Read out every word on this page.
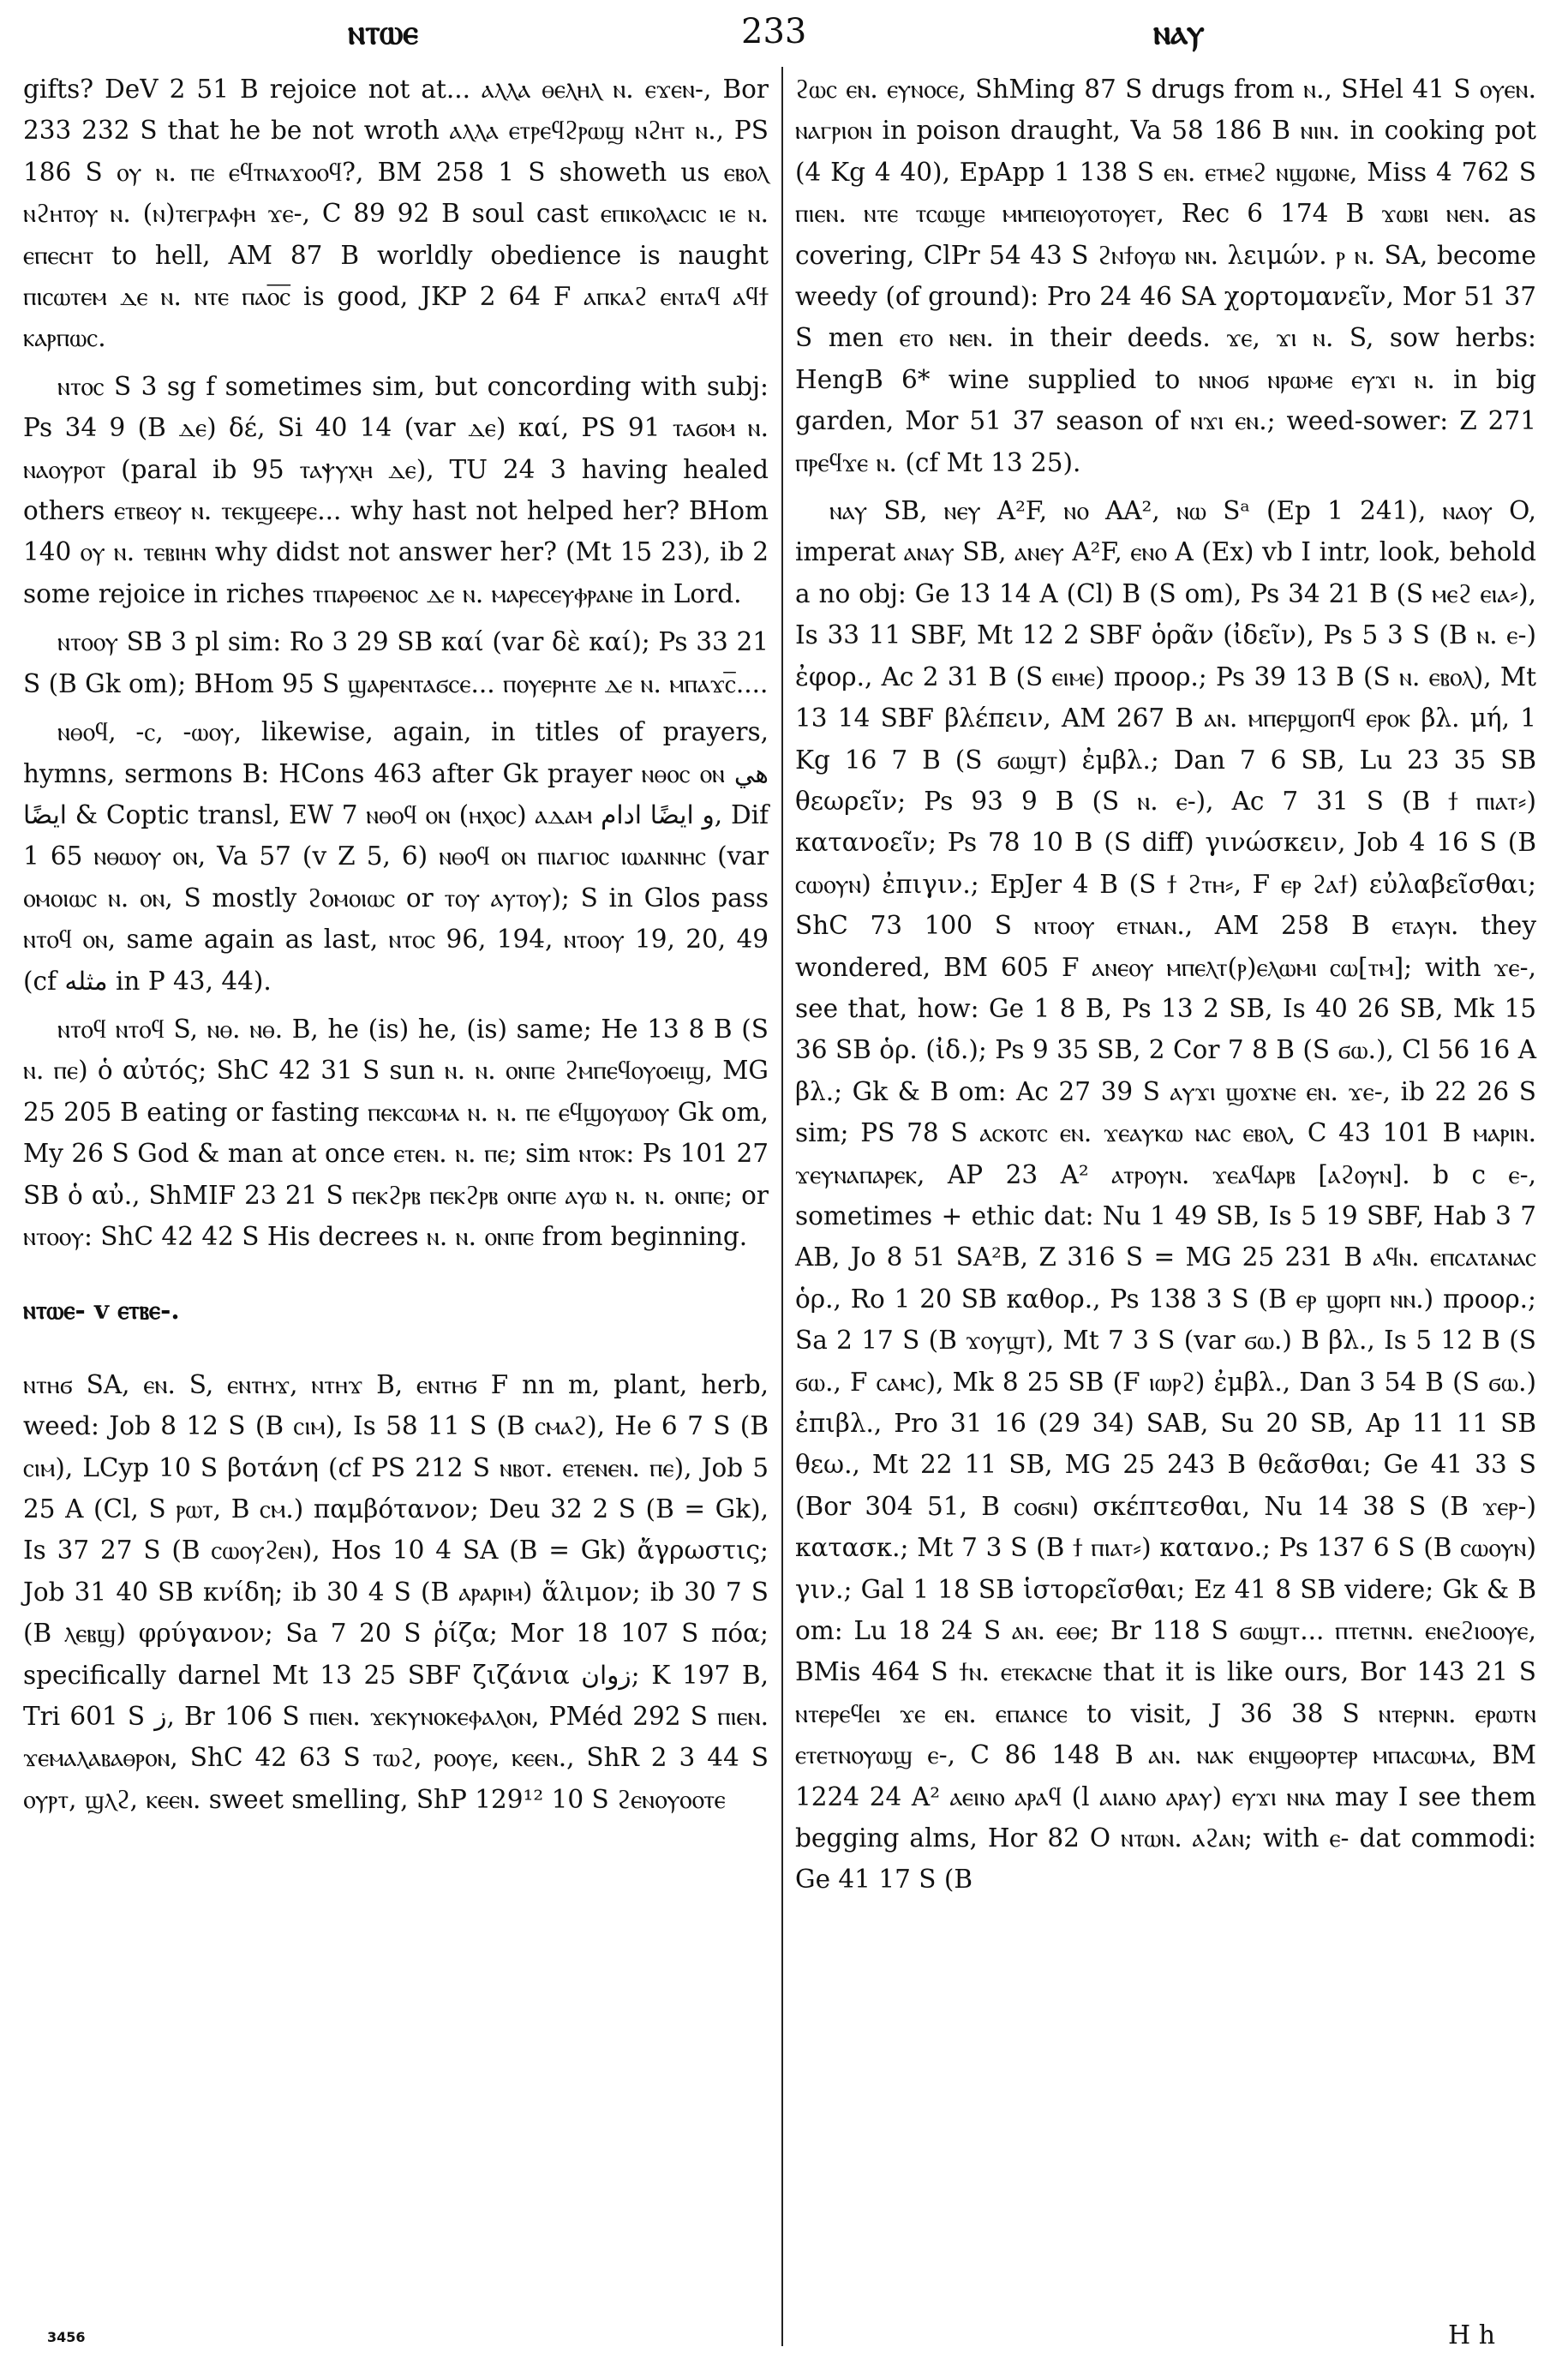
ⲛⲧⲱⲉ	233	ⲛⲁⲩ

gifts? DeV 2 51 B rejoice not at... ⲁⲗⲗⲁ ⲑⲉⲗⲏⲗ ⲛ. ⲉϫⲉⲛ-, Bor 233 232 S that he be not wroth ⲁⲗⲗⲁ ⲉⲧⲣⲉϥϩⲣⲱϣ ⲛϩⲏⲧ ⲛ., PS 186 S ⲟⲩ ⲛ. ⲡⲉ ⲉϥⲧⲛⲁϫⲟⲟϥ?, BM 258 1 S showeth us ⲉⲃⲟⲗ ⲛϩⲏⲧⲟⲩ ⲛ. (ⲛ)ⲧⲉⲅⲣⲁⲫⲏ ϫⲉ-, C 89 92 B soul cast ⲉⲡⲓⲕⲟⲗⲁⲥⲓⲥ ⲓⲉ ⲛ. ⲉⲡⲉⲥⲏⲧ to hell, AM 87 B worldly obedience is naught ⲡⲓⲥⲱⲧⲉⲙ ⲇⲉ ⲛ. ⲛⲧⲉ ⲡⲁⲟ̅ⲥ̅ is good, JKP 2 64 F ⲁⲡⲕⲁϩ ⲉⲛⲧⲁϥ ⲁϥϯ ⲕⲁⲣⲡⲱⲥ.

ⲛⲧⲟⲥ S 3 sg f sometimes sim, but concording with subj: Ps 34 9 (B ⲇⲉ) δέ, Si 40 14 (var ⲇⲉ) καί, PS 91 ⲧⲁϭⲟⲙ ⲛ. ⲛⲁⲟⲩⲣⲟⲧ (paral ib 95 ⲧⲁⲯⲩⲭⲏ ⲇⲉ), TU 24 3 having healed others ⲉⲧⲃⲉⲟⲩ ⲛ. ⲧⲉⲕϣⲉⲉⲣⲉ... why hast not helped her? BHom 140 ⲟⲩ ⲛ. ⲧⲉⲃⲓⲏⲛ why didst not answer her? (Mt 15 23), ib 2 some rejoice in riches ⲧⲡⲁⲣⲑⲉⲛⲟⲥ ⲇⲉ ⲛ. ⲙⲁⲣⲉⲥⲉⲩⲫⲣⲁⲛⲉ in Lord.

ⲛⲧⲟⲟⲩ SB 3 pl sim: Ro 3 29 SB καί (var δὲ καί); Ps 33 21 S (B Gk om); BHom 95 S ϣⲁⲣⲉⲛⲧⲁϭⲥⲉ... ⲡⲟⲩⲉⲣⲏⲧⲉ ⲇⲉ ⲛ. ⲙⲡⲁϫⲥ̅....

ⲛⲑⲟϥ, -ⲥ, -ⲱⲟⲩ, likewise, again, in titles of prayers, hymns, sermons B: HCons 463 after Gk prayer ⲛⲑⲟⲥ ⲟⲛ هي ايضًا & Coptic transl, EW 7 ⲛⲑⲟϥ ⲟⲛ (ⲏⲭⲟⲥ) ⲁⲇⲁⲙ و ايضًا ادام, Dif 1 65 ⲛⲑⲱⲟⲩ ⲟⲛ, Va 57 (v Z 5, 6) ⲛⲑⲟϥ ⲟⲛ ⲡⲓⲁⲅⲓⲟⲥ ⲓⲱⲁⲛⲛⲏⲥ (var ⲟⲙⲟⲓⲱⲥ ⲛ. ⲟⲛ, S mostly ϩⲟⲙⲟⲓⲱⲥ or ⲧⲟⲩ ⲁⲩⲧⲟⲩ); S in Glos pass ⲛⲧⲟϥ ⲟⲛ, same again as last, ⲛⲧⲟⲥ 96, 194, ⲛⲧⲟⲟⲩ 19, 20, 49 (cf مثله in P 43, 44).

ⲛⲧⲟϥ ⲛⲧⲟϥ S, ⲛⲑ. ⲛⲑ. B, he (is) he, (is) same; He 13 8 B (S ⲛ. ⲡⲉ) ὁ αὐτός; ShC 42 31 S sun ⲛ. ⲛ. ⲟⲛⲡⲉ ϩⲙⲡⲉϥⲟⲩⲟⲉⲓϣ, MG 25 205 B eating or fasting ⲡⲉⲕⲥⲱⲙⲁ ⲛ. ⲛ. ⲡⲉ ⲉϥϣⲟⲩⲱⲟⲩ Gk om, My 26 S God & man at once ⲉⲧⲉⲛ. ⲛ. ⲡⲉ; sim ⲛⲧⲟⲕ: Ps 101 27 SB ὁ αὐ., ShMIF 23 21 S ⲡⲉⲕϩⲣⲃ ⲡⲉⲕϩⲣⲃ ⲟⲛⲡⲉ ⲁⲩⲱ ⲛ. ⲛ. ⲟⲛⲡⲉ; or ⲛⲧⲟⲟⲩ: ShC 42 42 S His decrees ⲛ. ⲛ. ⲟⲛⲡⲉ from beginning.

ⲛⲧⲱⲉ- v ⲉⲧⲃⲉ-.

ⲛⲧⲏϭ SA, ⲉⲛ. S, ⲉⲛⲧⲏϫ, ⲛⲧⲏϫ B, ⲉⲛⲧⲏϭ F nn m, plant, herb, weed: Job 8 12 S (B ⲥⲓⲙ), Is 58 11 S (B ⲥⲙⲁϩ), He 6 7 S (B ⲥⲓⲙ), LCyp 10 S βοτάνη (cf PS 212 S ⲛⲃⲟⲧ. ⲉⲧⲉⲛⲉⲛ. ⲡⲉ), Job 5 25 A (Cl, S ⲣⲱⲧ, B ⲥⲙ.) παμβότανον; Deu 32 2 S (B = Gk), Is 37 27 S (B ⲥⲱⲟⲩϩⲉⲛ), Hos 10 4 SA (B = Gk) ἄγρωστις; Job 31 40 SB κνίδη; ib 30 4 S (B ⲁⲣⲁⲣⲓⲙ) ἅλιμον; ib 30 7 S (B ⲗⲉⲃϣ) φρύγανον; Sa 7 20 S ῥίζα; Mor 18 107 S πόα; specifically darnel Mt 13 25 SBF ζιζάνια زوان; K 197 B, Tri 601 S ز, Br 106 S ⲡⲓⲉⲛ. ϫⲉⲕⲩⲛⲟⲕⲉⲫⲁⲗⲟⲛ, PMéd 292 S ⲡⲓⲉⲛ. ϫⲉⲙⲁⲗⲁⲃⲁⲑⲣⲟⲛ, ShC 42 63 S ⲧⲱϩ, ⲣⲟⲟⲩⲉ, ⲕⲉⲉⲛ., ShR 2 3 44 S ⲟⲩⲣⲧ, ϣⲗϩ, ⲕⲉⲉⲛ. sweet smelling, ShP 129¹² 10 S ϩⲉⲛⲟⲩⲟⲟⲧⲉ

ϩⲱⲥ ⲉⲛ. ⲉⲩⲛⲟⲥⲉ, ShMing 87 S drugs from ⲛ., SHel 41 S ⲟⲩⲉⲛ. ⲛⲁⲅⲣⲓⲟⲛ in poison draught, Va 58 186 B ⲛⲓⲛ. in cooking pot (4 Kg 4 40), EpApp 1 138 S ⲉⲛ. ⲉⲧⲙⲉϩ ⲛϣⲱⲛⲉ, Miss 4 762 S ⲡⲓⲉⲛ. ⲛⲧⲉ ⲧⲥⲱϣⲉ ⲙⲙⲡⲉⲓⲟⲩⲟⲧⲟⲩⲉⲧ, Rec 6 174 B ϫⲱⲃⲓ ⲛⲉⲛ. as covering, ClPr 54 43 S ϩⲛϯⲟⲩⲱ ⲛⲛ. λειμών. ⲣ ⲛ. SA, become weedy (of ground): Pro 24 46 SA χορτομανεῖν, Mor 51 37 S men ⲉⲧⲟ ⲛⲉⲛ. in their deeds. ϫⲉ, ϫⲓ ⲛ. S, sow herbs: HengB 6* wine supplied to ⲛⲛⲟϭ ⲛⲣⲱⲙⲉ ⲉⲩϫⲓ ⲛ. in big garden, Mor 51 37 season of ⲛϫⲓ ⲉⲛ.; weed-sower: Z 271 ⲡⲣⲉϥϫⲉ ⲛ. (cf Mt 13 25).

ⲛⲁⲩ SB, ⲛⲉⲩ A²F, ⲛⲟ AA², ⲛⲱ Sᵃ (Ep 1 241), ⲛⲁⲟⲩ O, imperat ⲁⲛⲁⲩ SB, ⲁⲛⲉⲩ A²F, ⲉⲛⲟ A (Ex) vb I intr, look, behold a no obj: Ge 13 14 A (Cl) B (S om), Ps 34 21 B (S ⲙⲉϩ ⲉⲓⲁ⸗), Is 33 11 SBF, Mt 12 2 SBF ὁρᾶν (ἰδεῖν), Ps 5 3 S (B ⲛ. ⲉ-) ἐφορ., Ac 2 31 B (S ⲉⲓⲙⲉ) προορ.; Ps 39 13 B (S ⲛ. ⲉⲃⲟⲗ), Mt 13 14 SBF βλέπειν, AM 267 B ⲁⲛ. ⲙⲡⲉⲣϣⲟⲡϥ ⲉⲣⲟⲕ βλ. μή, 1 Kg 16 7 B (S ϭⲱϣⲧ) ἐμβλ.; Dan 7 6 SB, Lu 23 35 SB θεωρεῖν; Ps 93 9 B (S ⲛ. ⲉ-), Ac 7 31 S (B ϯ ⲡⲓⲁⲧ⸗) κατανοεῖν; Ps 78 10 B (S diff) γινώσκειν, Job 4 16 S (B ⲥⲱⲟⲩⲛ) ἐπιγιν.; EpJer 4 B (S ϯ ϩⲧⲏ⸗, F ⲉⲣ ϩⲁϯ) εὐλαβεῖσθαι; ShC 73 100 S ⲛⲧⲟⲟⲩ ⲉⲧⲛⲁⲛ., AM 258 B ⲉⲧⲁⲩⲛ. they wondered, BM 605 F ⲁⲛⲉⲟⲩ ⲙⲡⲉⲗⲧ(ⲣ)ⲉⲗⲱⲙⲓ ⲥⲱ[ⲧⲙ]; with ϫⲉ-, see that, how: Ge 1 8 B, Ps 13 2 SB, Is 40 26 SB, Mk 15 36 SB ὁρ. (ἰδ.); Ps 9 35 SB, 2 Cor 7 8 B (S ϭⲱ.), Cl 56 16 A βλ.; Gk & B om: Ac 27 39 S ⲁⲩϫⲓ ϣⲟϫⲛⲉ ⲉⲛ. ϫⲉ-, ib 22 26 S sim; PS 78 S ⲁⲥⲕⲟⲧⲥ ⲉⲛ. ϫⲉⲁⲩⲕⲱ ⲛⲁⲥ ⲉⲃⲟⲗ, C 43 101 B ⲙⲁⲣⲓⲛ. ϫⲉⲩⲛⲁⲡⲁⲣⲉⲕ, AP 23 A² ⲁⲧⲣⲟⲩⲛ. ϫⲉⲁϥⲁⲣⲃ [ⲁϩⲟⲩⲛ]. b c ⲉ-, sometimes + ethic dat: Nu 1 49 SB, Is 5 19 SBF, Hab 3 7 AB, Jo 8 51 SA²B, Z 316 S = MG 25 231 B ⲁϥⲛ. ⲉⲡⲥⲁⲧⲁⲛⲁⲥ ὁρ., Ro 1 20 SB καθορ., Ps 138 3 S (B ⲉⲣ ϣⲟⲣⲡ ⲛⲛ.) προορ.; Sa 2 17 S (B ϫⲟⲩϣⲧ), Mt 7 3 S (var ϭⲱ.) B βλ., Is 5 12 B (S ϭⲱ., F ⲥⲁⲙⲥ), Mk 8 25 SB (F ⲓⲱⲣϩ) ἐμβλ., Dan 3 54 B (S ϭⲱ.) ἐπιβλ., Pro 31 16 (29 34) SAB, Su 20 SB, Ap 11 11 SB θεω., Mt 22 11 SB, MG 25 243 B θεᾶσθαι; Ge 41 33 S (Bor 304 51, B ⲥⲟϭⲛⲓ) σκέπτεσθαι, Nu 14 38 S (B ϫⲉⲣ-) κατασκ.; Mt 7 3 S (B ϯ ⲡⲓⲁⲧ⸗) κατανο.; Ps 137 6 S (B ⲥⲱⲟⲩⲛ) γιν.; Gal 1 18 SB ἱστορεῖσθαι; Ez 41 8 SB videre; Gk & B om: Lu 18 24 S ⲁⲛ. ⲉⲑⲉ; Br 118 S ϭⲱϣⲧ... ⲡⲧⲉⲧⲛⲛ. ⲉⲛⲉϩⲓⲟⲟⲩⲉ, BMis 464 S ϯⲛ. ⲉⲧⲉⲕⲁⲥⲛⲉ that it is like ours, Bor 143 21 S ⲛⲧⲉⲣⲉϥⲉⲓ ϫⲉ ⲉⲛ. ⲉⲡⲁⲛⲥⲉ to visit, J 36 38 S ⲛⲧⲉⲣⲛⲛ. ⲉⲣⲱⲧⲛ ⲉⲧⲉⲧⲛⲟⲩⲱϣ ⲉ-, C 86 148 B ⲁⲛ. ⲛⲁⲕ ⲉⲛϣⲑⲟⲣⲧⲉⲣ ⲙⲡⲁⲥⲱⲙⲁ, BM 1224 24 A² ⲁⲉⲓⲛⲟ ⲁⲣⲁϥ (l ⲁⲓⲁⲛⲟ ⲁⲣⲁⲩ) ⲉⲩϫⲓ ⲛⲛⲁ may I see them begging alms, Hor 82 O ⲛⲧⲱⲛ. ⲁϩⲁⲛ; with ⲉ- dat commodi: Ge 41 17 S (B

3456	H h
